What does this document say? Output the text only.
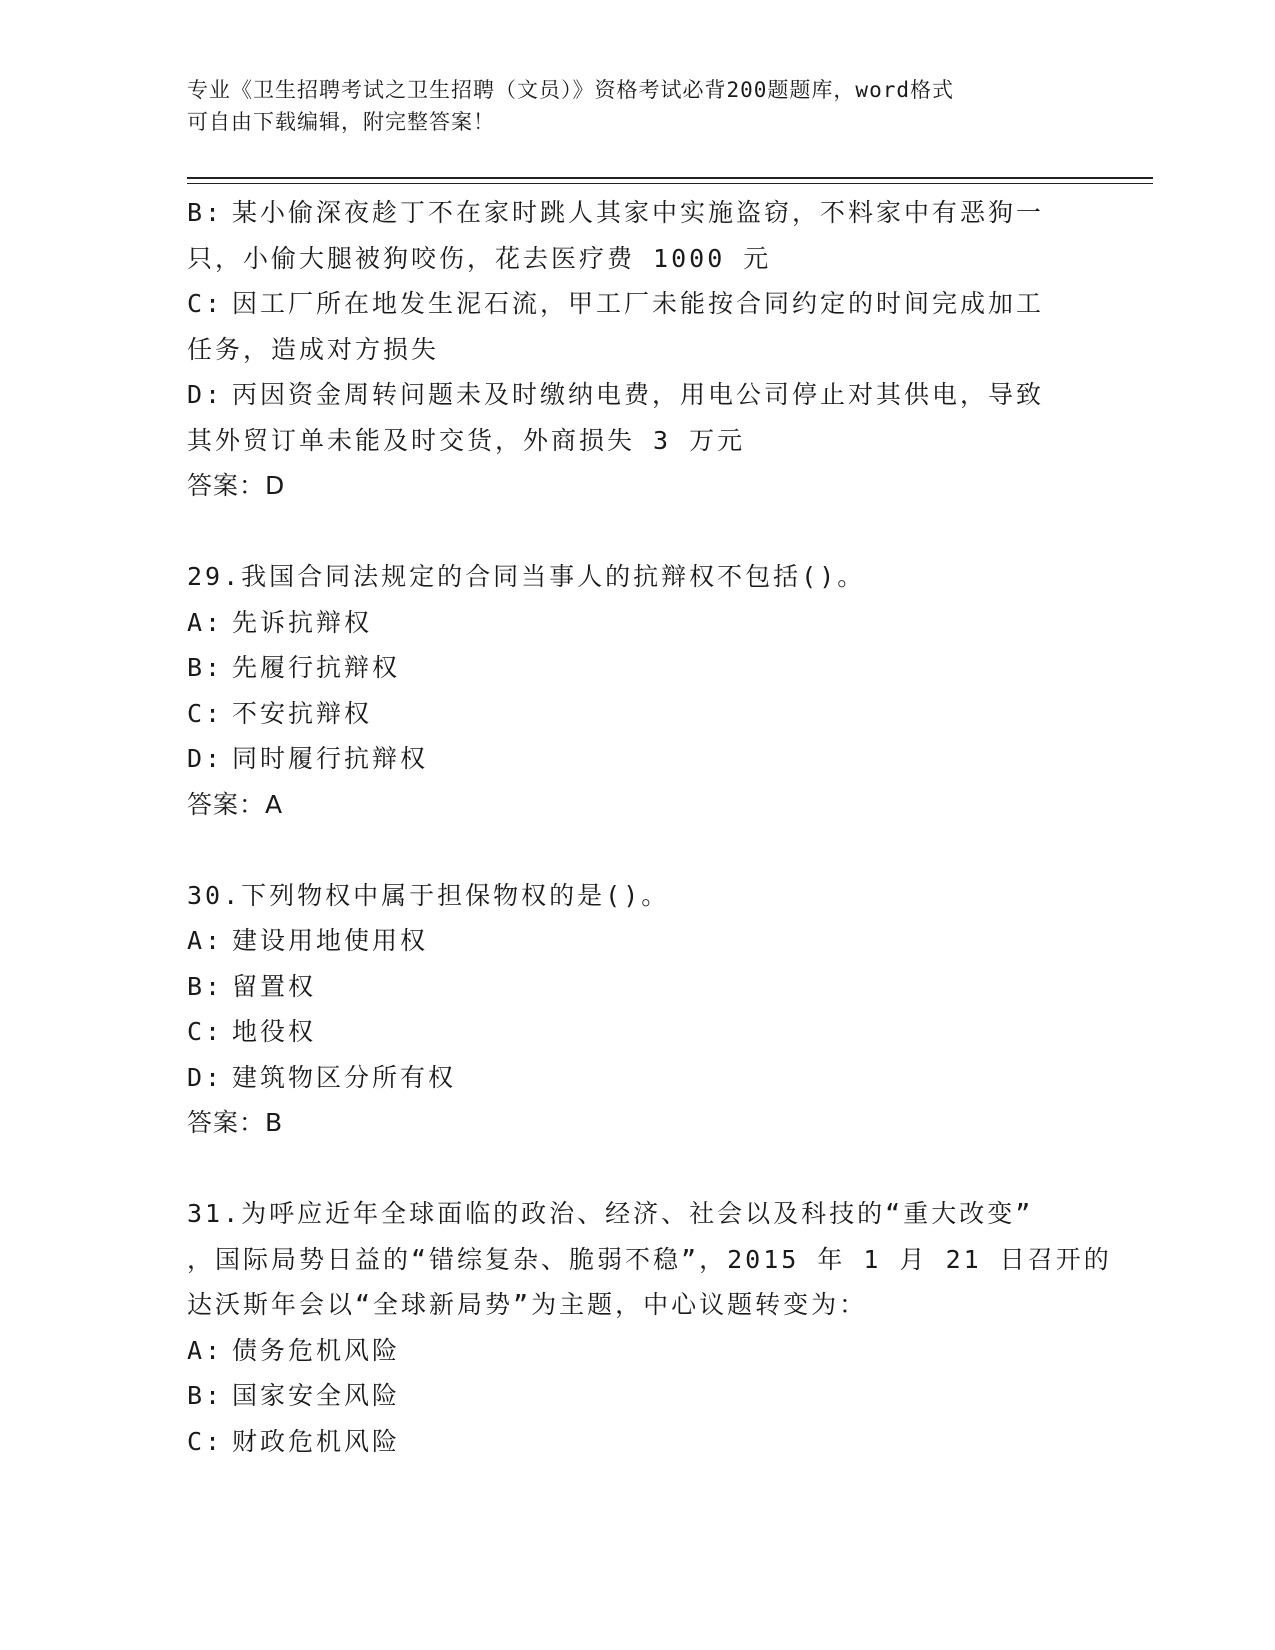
专业《卫生招聘考试之卫生招聘（文员）》资格考试必背200题题库，word格式
可自由下载编辑，附完整答案！
B: 某小偷深夜趁丁不在家时跳人其家中实施盗窃，不料家中有恶狗一
只，小偷大腿被狗咬伤，花去医疗费 1000 元
C: 因工厂所在地发生泥石流，甲工厂未能按合同约定的时间完成加工
任务，造成对方损失
D: 丙因资金周转问题未及时缴纳电费，用电公司停止对其供电，导致
其外贸订单未能及时交货，外商损失 3 万元
答案：D
29.我国合同法规定的合同当事人的抗辩权不包括()。
A: 先诉抗辩权
B: 先履行抗辩权
C: 不安抗辩权
D: 同时履行抗辩权
答案：A
30.下列物权中属于担保物权的是()。
A: 建设用地使用权
B: 留置权
C: 地役权
D: 建筑物区分所有权
答案：B
31.为呼应近年全球面临的政治、经济、社会以及科技的“重大改变”
，国际局势日益的“错综复杂、脆弱不稳”，2015 年 1 月 21 日召开的
达沃斯年会以“全球新局势”为主题，中心议题转变为：
A: 债务危机风险
B: 国家安全风险
C: 财政危机风险
